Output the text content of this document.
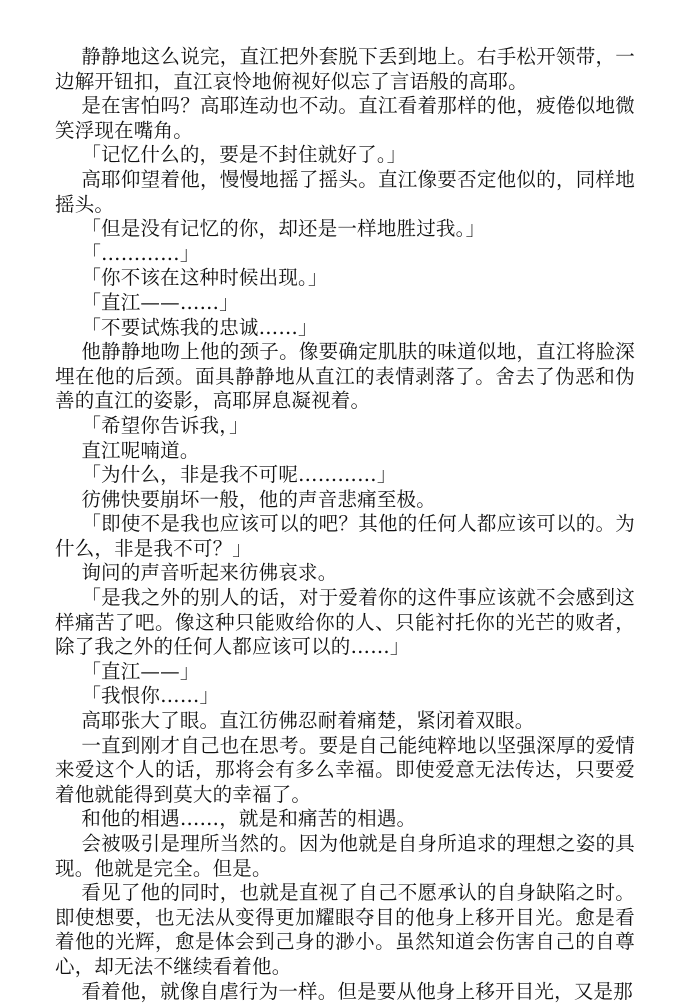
静静地这么说完，直江把外套脱下丢到地上。右手松开领带，一边解开钮扣，直江哀怜地俯视好似忘了言语般的高耶。

是在害怕吗？高耶连动也不动。直江看着那样的他，疲倦似地微笑浮现在嘴角。

「记忆什么的，要是不封住就好了。」

高耶仰望着他，慢慢地摇了摇头。直江像要否定他似的，同样地摇头。

「但是没有记忆的你，却还是一样地胜过我。」

「…………」

「你不该在这种时候出现。」

「直江——……」

「不要试炼我的忠诚……」

他静静地吻上他的颈子。像要确定肌肤的味道似地，直江将脸深埋在他的后颈。面具静静地从直江的表情剥落了。舍去了伪恶和伪善的直江的姿影，高耶屏息凝视着。

「希望你告诉我，」

直江呢喃道。

「为什么，非是我不可呢…………」

彷佛快要崩坏一般，他的声音悲痛至极。

「即使不是我也应该可以的吧？其他的任何人都应该可以的。为什么，非是我不可？」

询问的声音听起来彷佛哀求。

「是我之外的别人的话，对于爱着你的这件事应该就不会感到这样痛苦了吧。像这种只能败给你的人、只能衬托你的光芒的败者，除了我之外的任何人都应该可以的……」

「直江——」

「我恨你……」

高耶张大了眼。直江彷佛忍耐着痛楚，紧闭着双眼。

一直到刚才自己也在思考。要是自己能纯粹地以坚强深厚的爱情来爱这个人的话，那将会有多么幸福。即使爱意无法传达，只要爱着他就能得到莫大的幸福了。

和他的相遇……，就是和痛苦的相遇。

会被吸引是理所当然的。因为他就是自身所追求的理想之姿的具现。他就是完全。但是。

看见了他的同时，也就是直视了自己不愿承认的自身缺陷之时。即使想要，也无法从变得更加耀眼夺目的他身上移开目光。愈是看着他的光辉，愈是体会到己身的渺小。虽然知道会伤害自己的自尊心，却无法不继续看着他。

看着他，就像自虐行为一样。但是要从他身上移开目光，又是那
